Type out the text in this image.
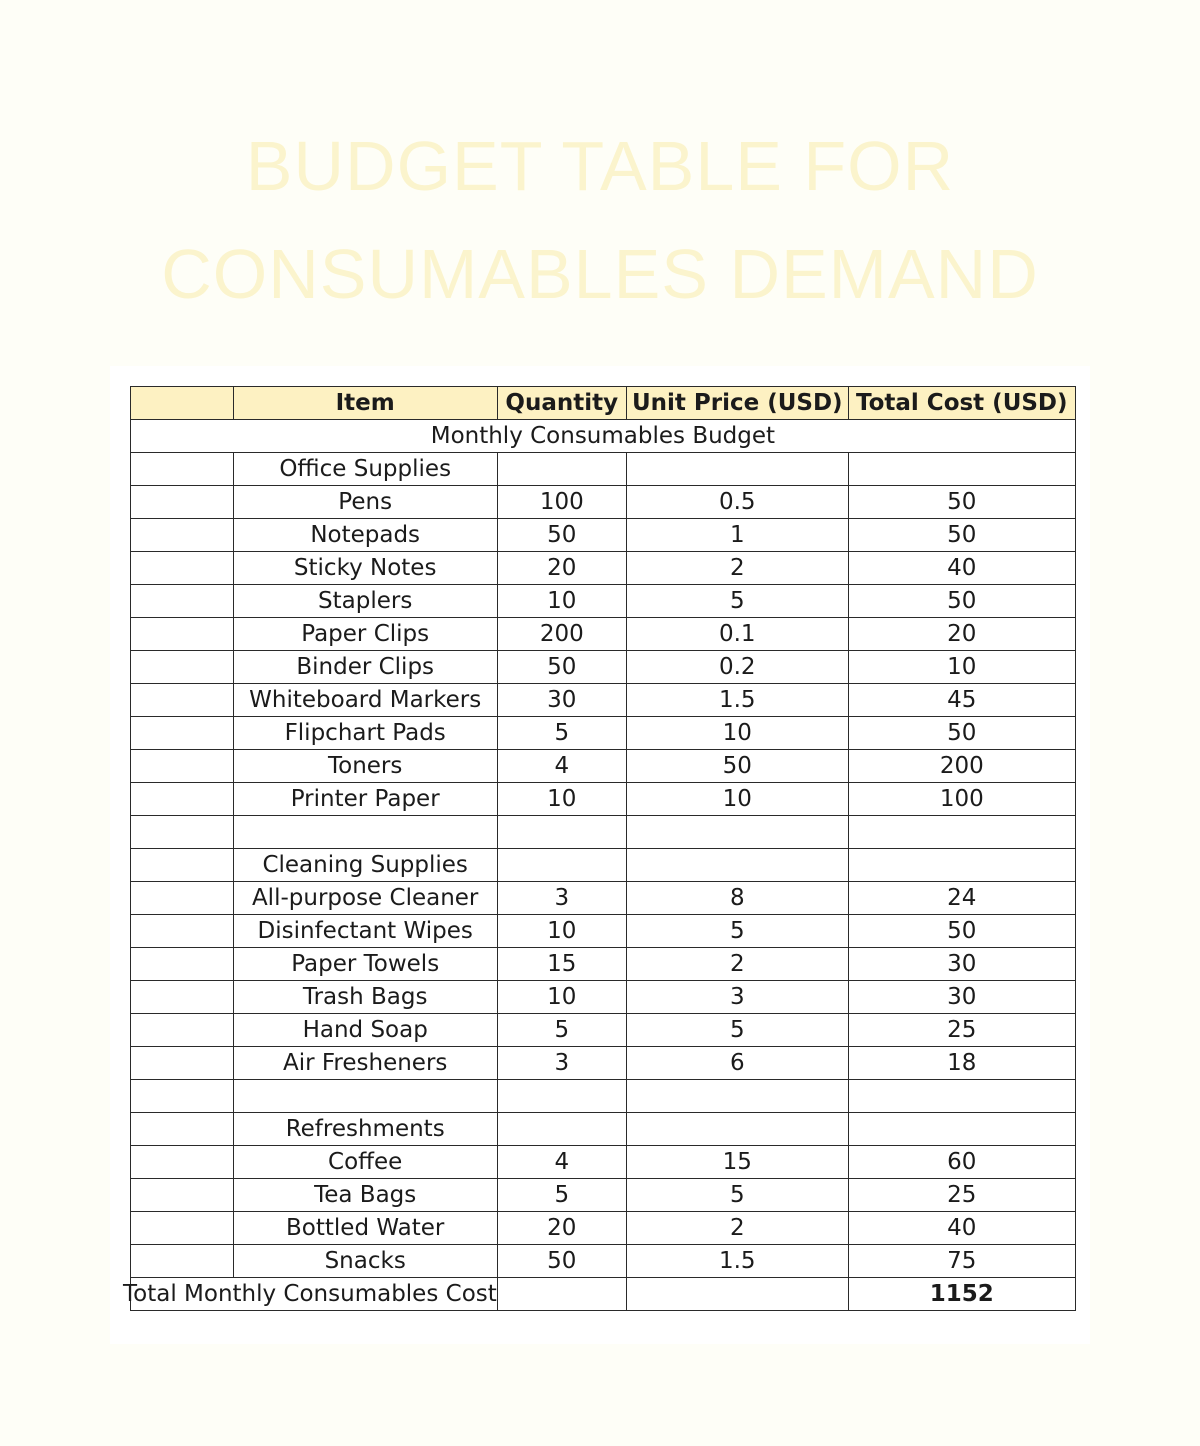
BUDGET TABLE FOR
CONSUMABLES DEMAND
	Item	Quantity	Unit Price (USD)	Total Cost (USD)
Monthly Consumables Budget				
	Office Supplies			
	Pens	100	0.5	50
	Notepads	50	1	50
	Sticky Notes	20	2	40
	Staplers	10	5	50
	Paper Clips	200	0.1	20
	Binder Clips	50	0.2	10
	Whiteboard Markers	30	1.5	45
	Flipchart Pads	5	10	50
	Toners	4	50	200
	Printer Paper	10	10	100

	Cleaning Supplies			
	All-purpose Cleaner	3	8	24
	Disinfectant Wipes	10	5	50
	Paper Towels	15	2	30
	Trash Bags	10	3	30
	Hand Soap	5	5	25
	Air Fresheners	3	6	18

	Refreshments			
	Coffee	4	15	60
	Tea Bags	5	5	25
	Bottled Water	20	2	40
	Snacks	50	1.5	75
Total Monthly Consumables Cost				1152
